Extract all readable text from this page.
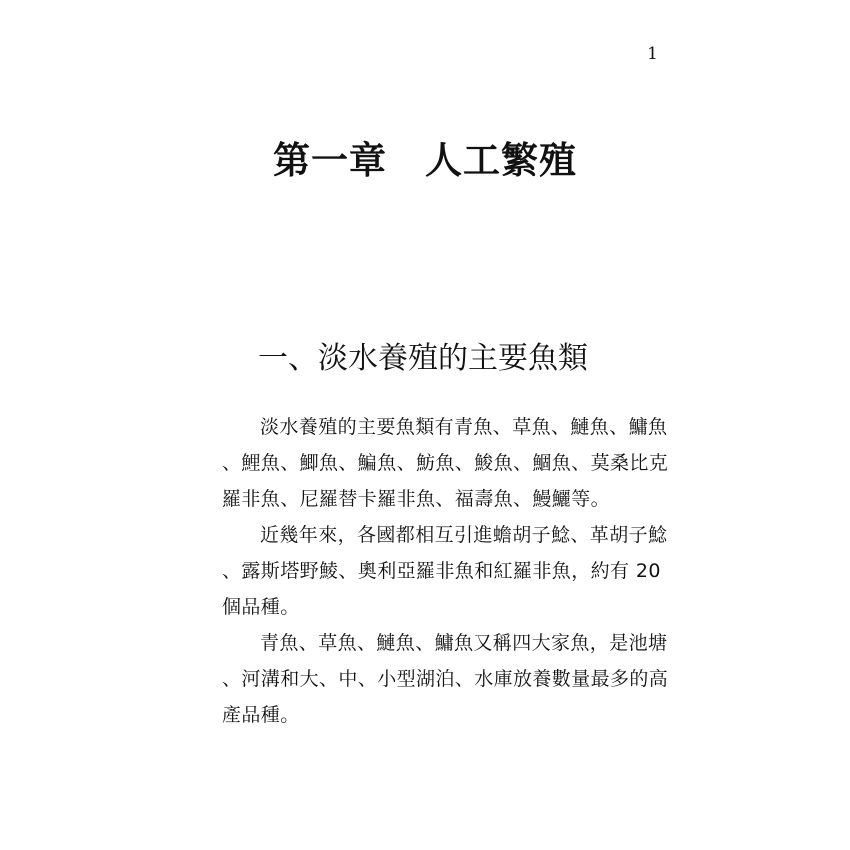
1
第一章　人工繁殖
一、淡水養殖的主要魚類

淡水養殖的主要魚類有青魚、草魚、鰱魚、鱅魚
、鯉魚、鯽魚、鯿魚、魴魚、鮻魚、鯝魚、莫桑比克
羅非魚、尼羅替卡羅非魚、福壽魚、鰻鱺等。

近幾年來，各國都相互引進蟾胡子鯰、革胡子鯰
、露斯塔野鯪、奧利亞羅非魚和紅羅非魚，約有 20
個品種。

青魚、草魚、鰱魚、鱅魚又稱四大家魚，是池塘
、河溝和大、中、小型湖泊、水庫放養數量最多的高
產品種。
